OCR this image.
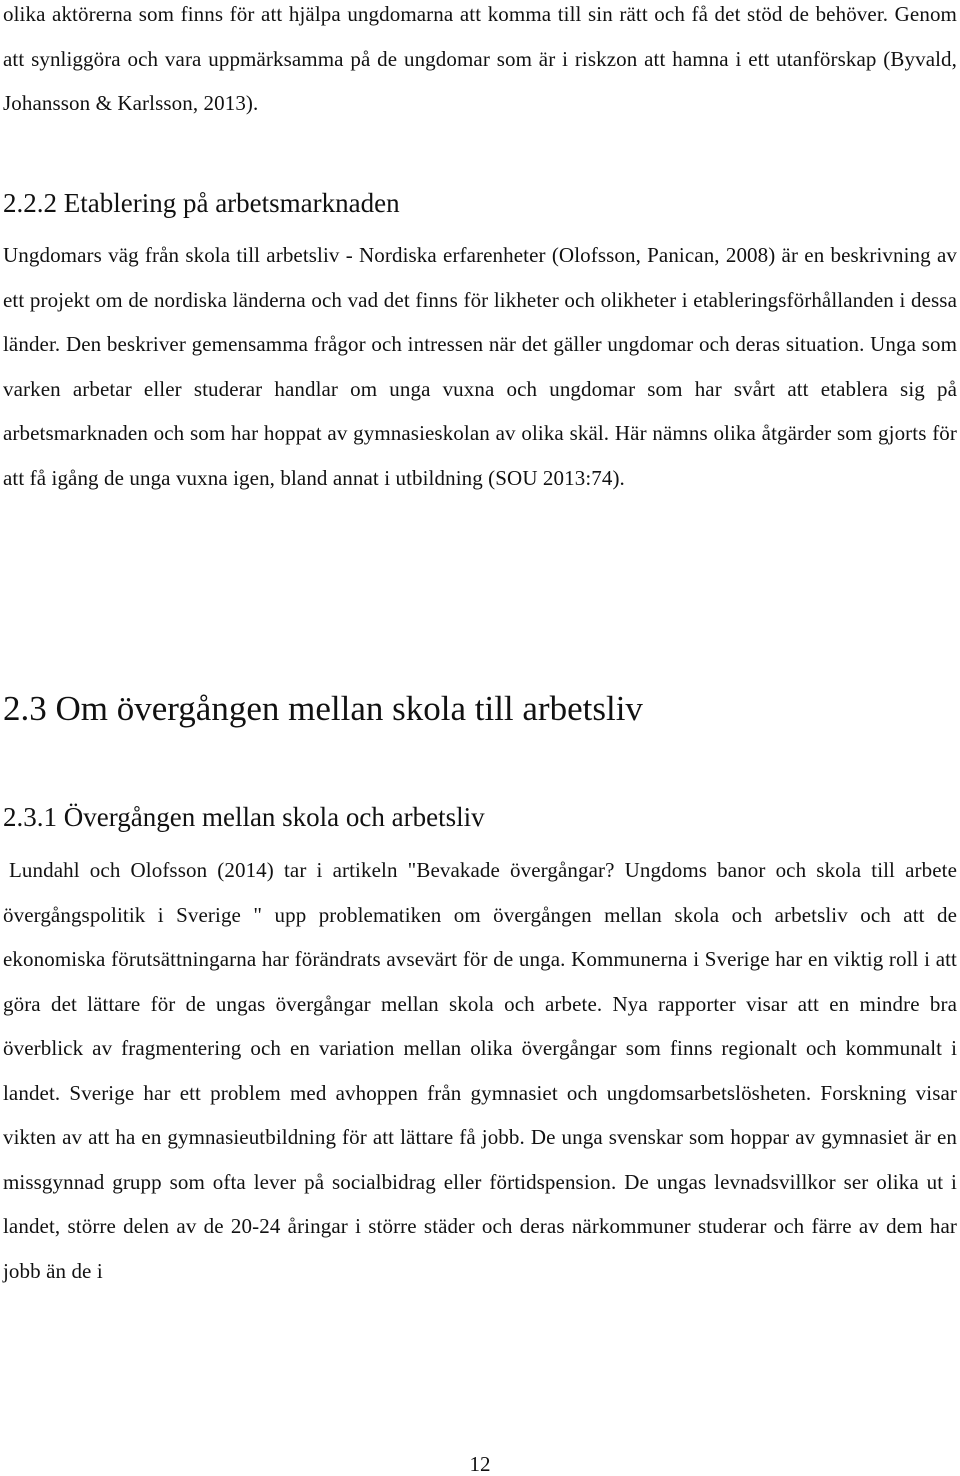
olika aktörerna som finns för att hjälpa ungdomarna att komma till sin rätt och få det stöd de behöver. Genom att synliggöra och vara uppmärksamma på de ungdomar som är i riskzon att hamna i ett utanförskap (Byvald, Johansson & Karlsson, 2013).

2.2.2 Etablering på arbetsmarknaden

Ungdomars väg från skola till arbetsliv - Nordiska erfarenheter (Olofsson, Panican, 2008) är en beskrivning av ett projekt om de nordiska länderna och vad det finns för likheter och olikheter i etableringsförhållanden i dessa länder. Den beskriver gemensamma frågor och intressen när det gäller ungdomar och deras situation. Unga som varken arbetar eller studerar handlar om unga vuxna och ungdomar som har svårt att etablera sig på arbetsmarknaden och som har hoppat av gymnasieskolan av olika skäl. Här nämns olika åtgärder som gjorts för att få igång de unga vuxna igen, bland annat i utbildning (SOU 2013:74).

2.3 Om övergången mellan skola till arbetsliv
2.3.1 Övergången mellan skola och arbetsliv

Lundahl och Olofsson (2014) tar i artikeln "Bevakade övergångar? Ungdoms banor och skola till arbete övergångspolitik i Sverige " upp problematiken om övergången mellan skola och arbetsliv och att de ekonomiska förutsättningarna har förändrats avsevärt för de unga. Kommunerna i Sverige har en viktig roll i att göra det lättare för de ungas övergångar mellan skola och arbete. Nya rapporter visar att en mindre bra överblick av fragmentering och en variation mellan olika övergångar som finns regionalt och kommunalt i landet. Sverige har ett problem med avhoppen från gymnasiet och ungdomsarbetslösheten. Forskning visar vikten av att ha en gymnasieutbildning för att lättare få jobb. De unga svenskar som hoppar av gymnasiet är en missgynnad grupp som ofta lever på socialbidrag eller förtidspension. De ungas levnadsvillkor ser olika ut i landet, större delen av de 20-24 åringar i större städer och deras närkommuner studerar och färre av dem har jobb än de i

12
